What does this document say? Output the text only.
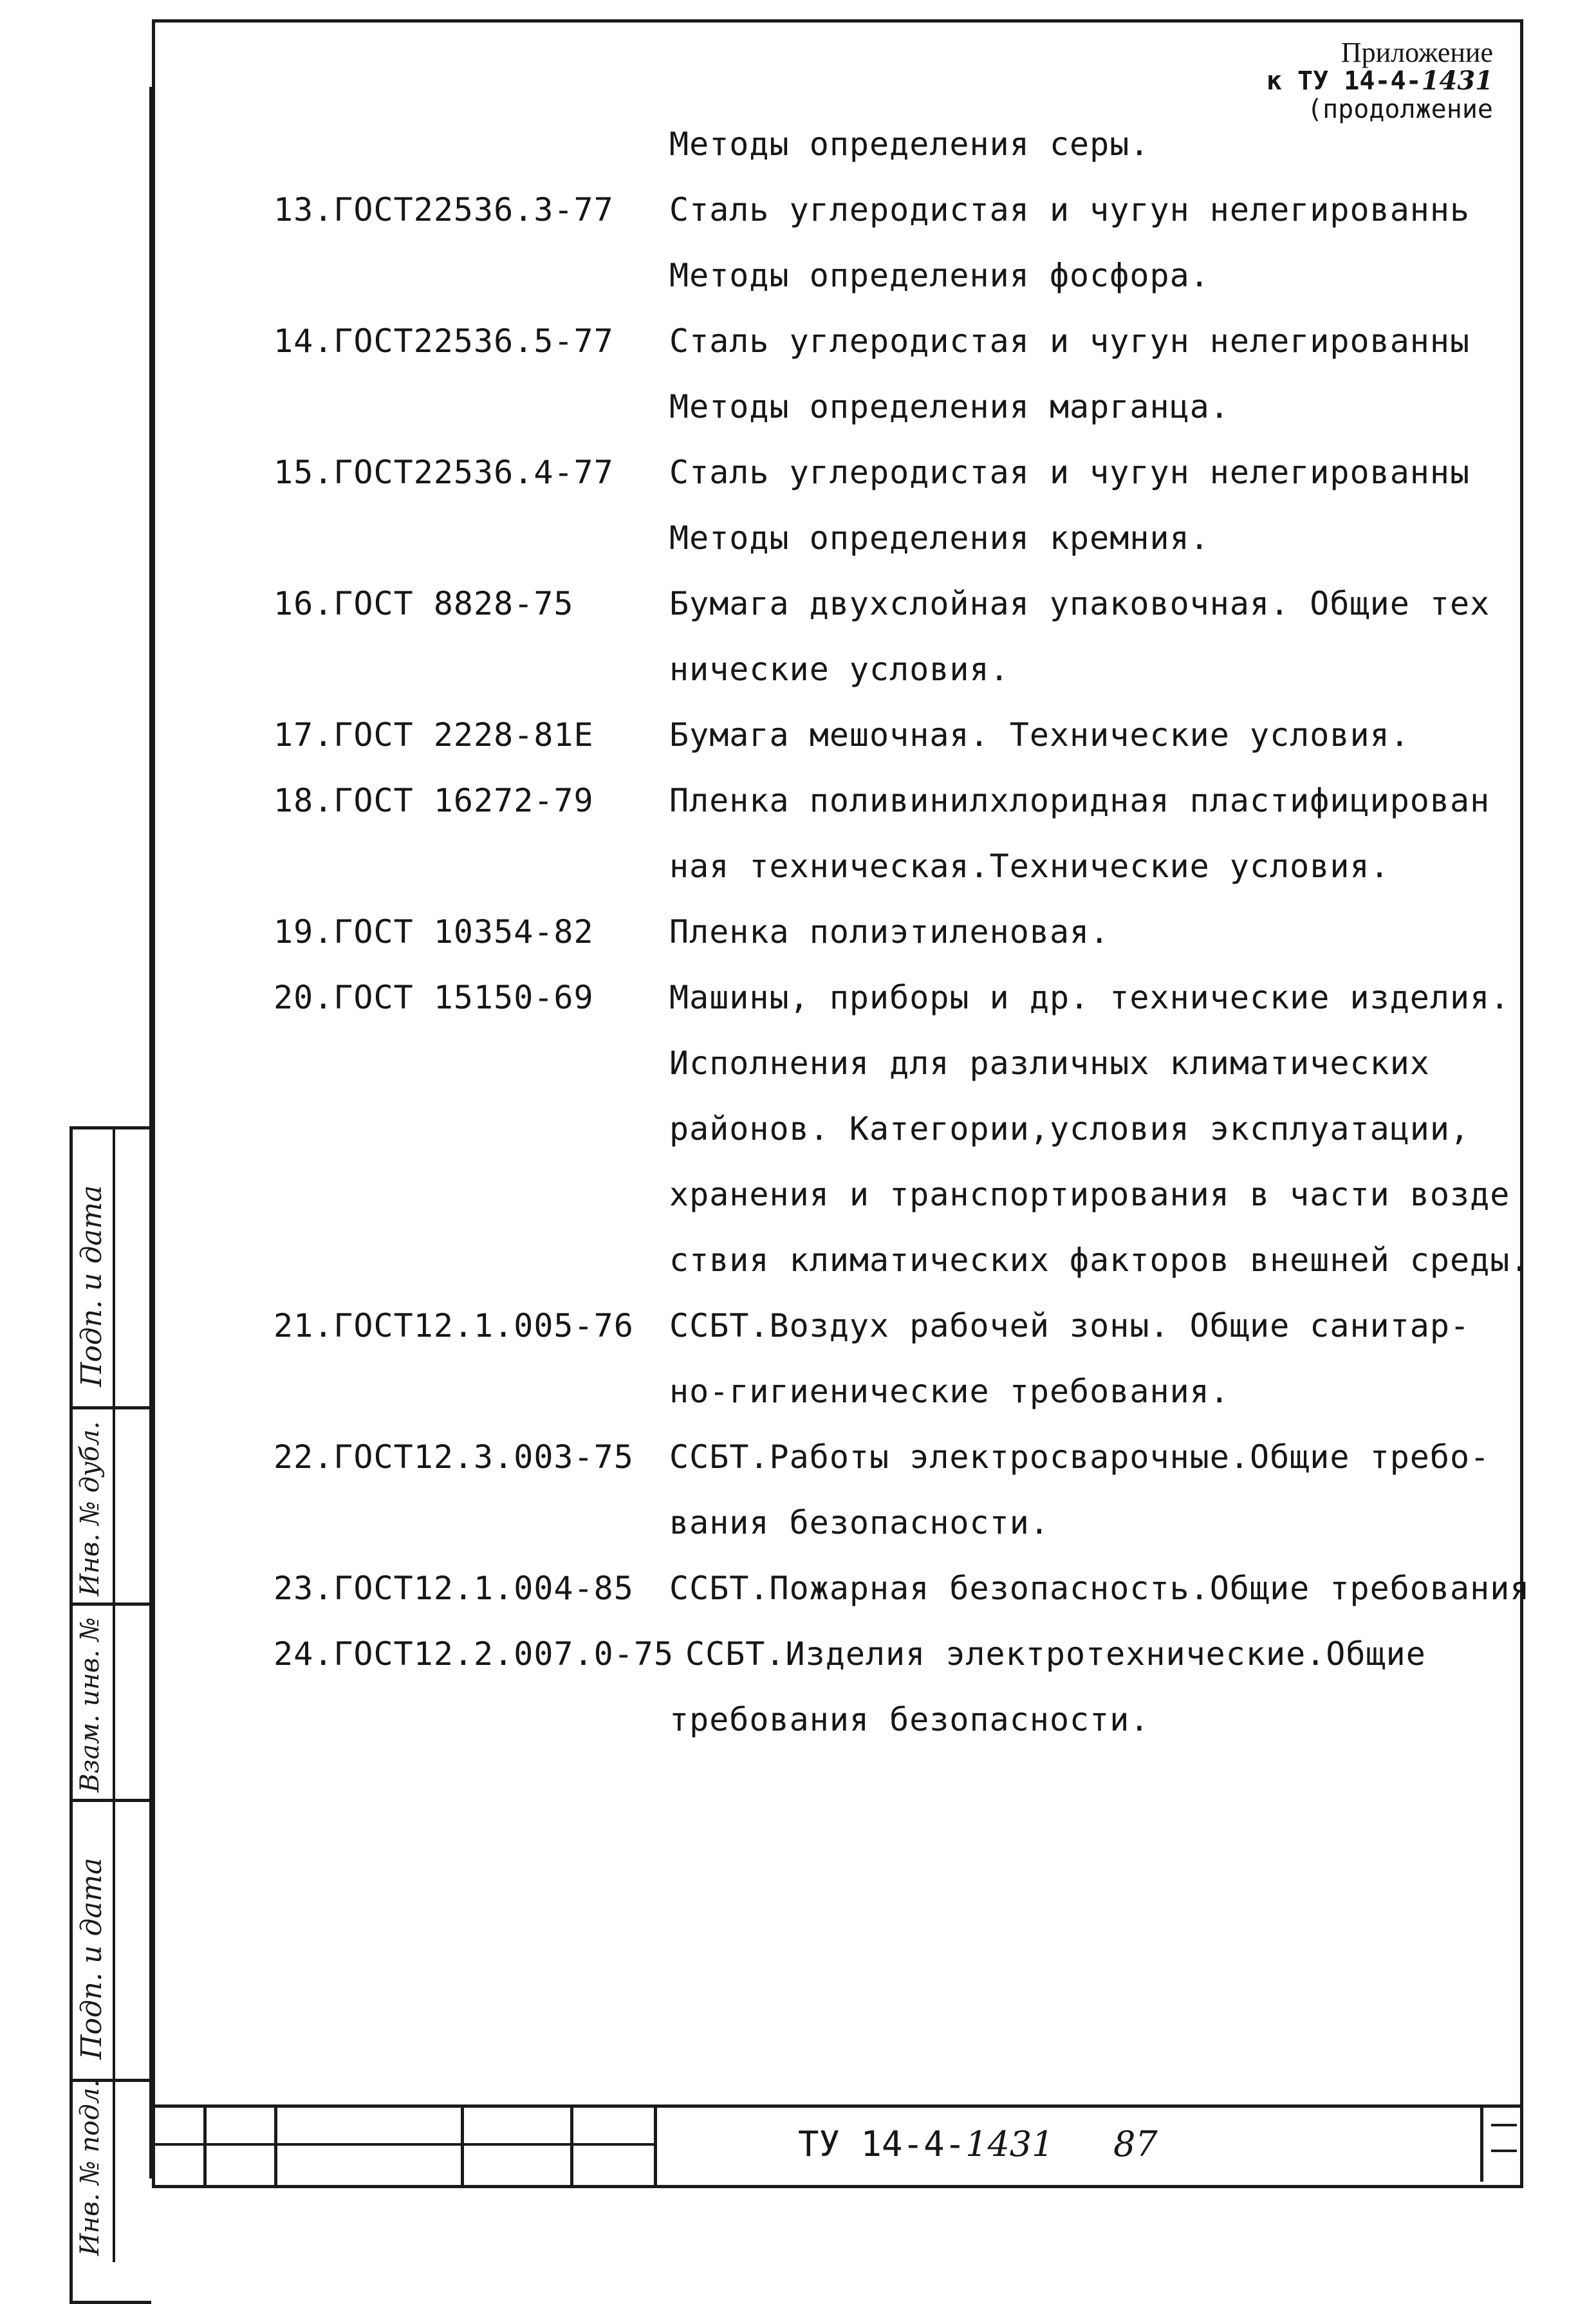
Приложение
к ТУ 14-4-1431
(продолжение
Методы определения серы.
13.ГОСТ22536.3-77 Сталь углеродистая и чугун нелегированнь
Методы определения фосфора.
14.ГОСТ22536.5-77 Сталь углеродистая и чугун нелегированны
Методы определения марганца.
15.ГОСТ22536.4-77 Сталь углеродистая и чугун нелегированны
Методы определения кремния.
16.ГОСТ 8828-75	Бумага двухслойная упаковочная. Общие тех
нические условия.
17.ГОСТ 2228-81Е Бумага мешочная. Технические условия.
18.ГОСТ 16272-79 Пленка поливинилхлоридная пластифицирован
ная техническая.Технические условия.
19.ГОСТ 10354-82 Пленка полиэтиленовая.
20.ГОСТ 15150-69 Машины, приборы и др. технические изделия.
Исполнения для различных климатических
районов. Категории,условия эксплуатации,
хранения и транспортирования в части возде
ствия климатических факторов внешней среды.
21.ГОСТ12.1.005-76 ССБТ.Воздух рабочей зоны. Общие санитар-
но-гигиенические требования.
22.ГОСТ12.3.003-75 ССБТ.Работы электросварочные.Общие требо-
вания безопасности.
23.ГОСТ12.1.004-85 ССБТ.Пожарная безопасность.Общие требования
24.ГОСТ12.2.007.0-75 ССБТ.Изделия электротехнические.Общие
требования безопасности.
Подп. и дата
Инв. № дубл.
Взам. инв. №
Подп. и дата
Инв. № подл.	ТУ 14-4-1431 87
